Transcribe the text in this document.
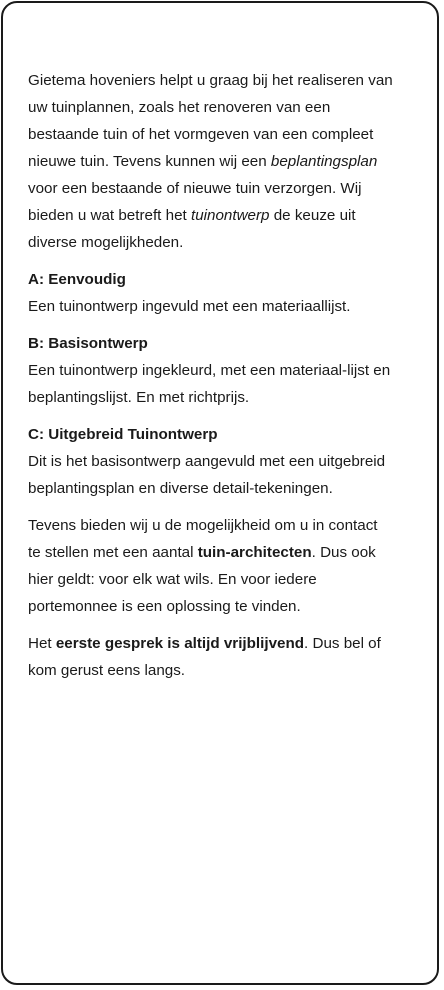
Gietema hoveniers helpt u graag bij het realiseren van uw tuinplannen, zoals het renoveren van een bestaande tuin of het vormgeven van een compleet nieuwe tuin. Tevens kunnen wij een beplantingsplan voor een bestaande of nieuwe tuin verzorgen. Wij bieden u wat betreft het tuinontwerp de keuze uit diverse mogelijkheden.

A: Eenvoudig
Een tuinontwerp ingevuld met een materiaallijst.
B: Basisontwerp
Een tuinontwerp ingekleurd, met een materiaal-lijst en beplantingslijst. En met richtprijs.
C: Uitgebreid Tuinontwerp
Dit is het basisontwerp aangevuld met een uitgebreid beplantingsplan en diverse detail-tekeningen.

Tevens bieden wij u de mogelijkheid om u in contact te stellen met een aantal tuin-architecten. Dus ook hier geldt: voor elk wat wils. En voor iedere portemonnee is een oplossing te vinden.

Het eerste gesprek is altijd vrijblijvend. Dus bel of kom gerust eens langs.
